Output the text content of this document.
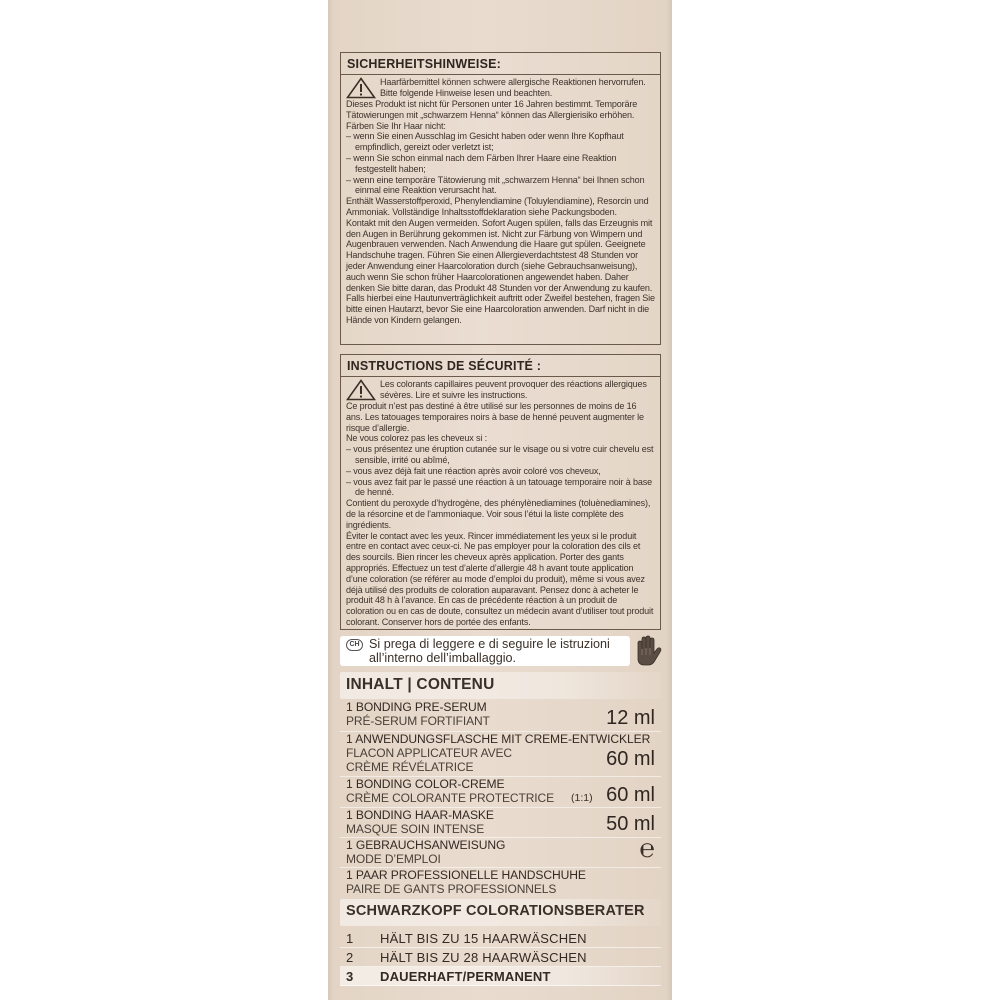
SICHERHEITSHINWEISE:
Haarfärbemittel können schwere allergische Reaktionen hervorrufen. Bitte folgende Hinweise lesen und beachten.

Dieses Produkt ist nicht für Personen unter 16 Jahren bestimmt. Temporäre Tätowierungen mit „schwarzem Henna“ können das Allergierisiko erhöhen.

Färben Sie Ihr Haar nicht:

– wenn Sie einen Ausschlag im Gesicht haben oder wenn Ihre Kopfhaut empfindlich, gereizt oder verletzt ist;

– wenn Sie schon einmal nach dem Färben Ihrer Haare eine Reaktion festgestellt haben;

– wenn eine temporäre Tätowierung mit „schwarzem Henna“ bei Ihnen schon einmal eine Reaktion verursacht hat.

Enthält Wasserstoffperoxid, Phenylendiamine (Toluylendiamine), Resorcin und Ammoniak. Vollständige Inhaltsstoffdeklaration siehe Packungsboden.

Kontakt mit den Augen vermeiden. Sofort Augen spülen, falls das Erzeugnis mit den Augen in Berührung gekommen ist. Nicht zur Färbung von Wimpern und Augenbrauen verwenden. Nach Anwendung die Haare gut spülen. Geeignete Handschuhe tragen. Führen Sie einen Allergieverdachtstest 48 Stunden vor jeder Anwendung einer Haarcoloration durch (siehe Gebrauchsanweisung), auch wenn Sie schon früher Haarcolorationen angewendet haben. Daher denken Sie bitte daran, das Produkt 48 Stunden vor der Anwendung zu kaufen. Falls hierbei eine Hautunverträglichkeit auftritt oder Zweifel bestehen, fragen Sie bitte einen Hautarzt, bevor Sie eine Haarcoloration anwenden. Darf nicht in die Hände von Kindern gelangen.

INSTRUCTIONS DE SÉCURITÉ :
Les colorants capillaires peuvent provoquer des réactions allergiques sévères. Lire et suivre les instructions.

Ce produit n’est pas destiné à être utilisé sur les personnes de moins de 16 ans. Les tatouages temporaires noirs à base de henné peuvent augmenter le risque d’allergie.

Ne vous colorez pas les cheveux si :

– vous présentez une éruption cutanée sur le visage ou si votre cuir chevelu est sensible, irrité ou abîmé,

– vous avez déjà fait une réaction après avoir coloré vos cheveux,

– vous avez fait par le passé une réaction à un tatouage temporaire noir à base de henné.

Contient du peroxyde d’hydrogène, des phénylènediamines (toluènediamines), de la résorcine et de l’ammoniaque. Voir sous l’étui la liste complète des ingrédients.

Éviter le contact avec les yeux. Rincer immédiatement les yeux si le produit entre en contact avec ceux-ci. Ne pas employer pour la coloration des cils et des sourcils. Bien rincer les cheveux après application. Porter des gants appropriés. Effectuez un test d’alerte d’allergie 48 h avant toute application d’une coloration (se référer au mode d’emploi du produit), même si vous avez déjà utilisé des produits de coloration auparavant. Pensez donc à acheter le produit 48 h à l’avance. En cas de précédente réaction à un produit de coloration ou en cas de doute, consultez un médecin avant d’utiliser tout produit colorant. Conserver hors de portée des enfants.

CH Si prega di leggere e di seguire le istruzioni all’interno dell’imballaggio.
INHALT | CONTENU
1 BONDING PRE-SERUM
PRÉ-SERUM FORTIFIANT	12 ml
1 ANWENDUNGSFLASCHE MIT CREME-ENTWICKLER
FLACON APPLICATEUR AVEC
CRÈME RÉVÉLATRICE	60 ml
1 BONDING COLOR-CREME
CRÈME COLORANTE PROTECTRICE (1:1) 60 ml
1 BONDING HAAR-MASKE
MASQUE SOIN INTENSE	50 ml
1 GEBRAUCHSANWEISUNG
MODE D’EMPLOI	℮
1 PAAR PROFESSIONELLE HANDSCHUHE
PAIRE DE GANTS PROFESSIONNELS
SCHWARZKOPF COLORATIONSBERATER
1 HÄLT BIS ZU 15 HAARWÄSCHEN
2 HÄLT BIS ZU 28 HAARWÄSCHEN
3 DAUERHAFT/PERMANENT
